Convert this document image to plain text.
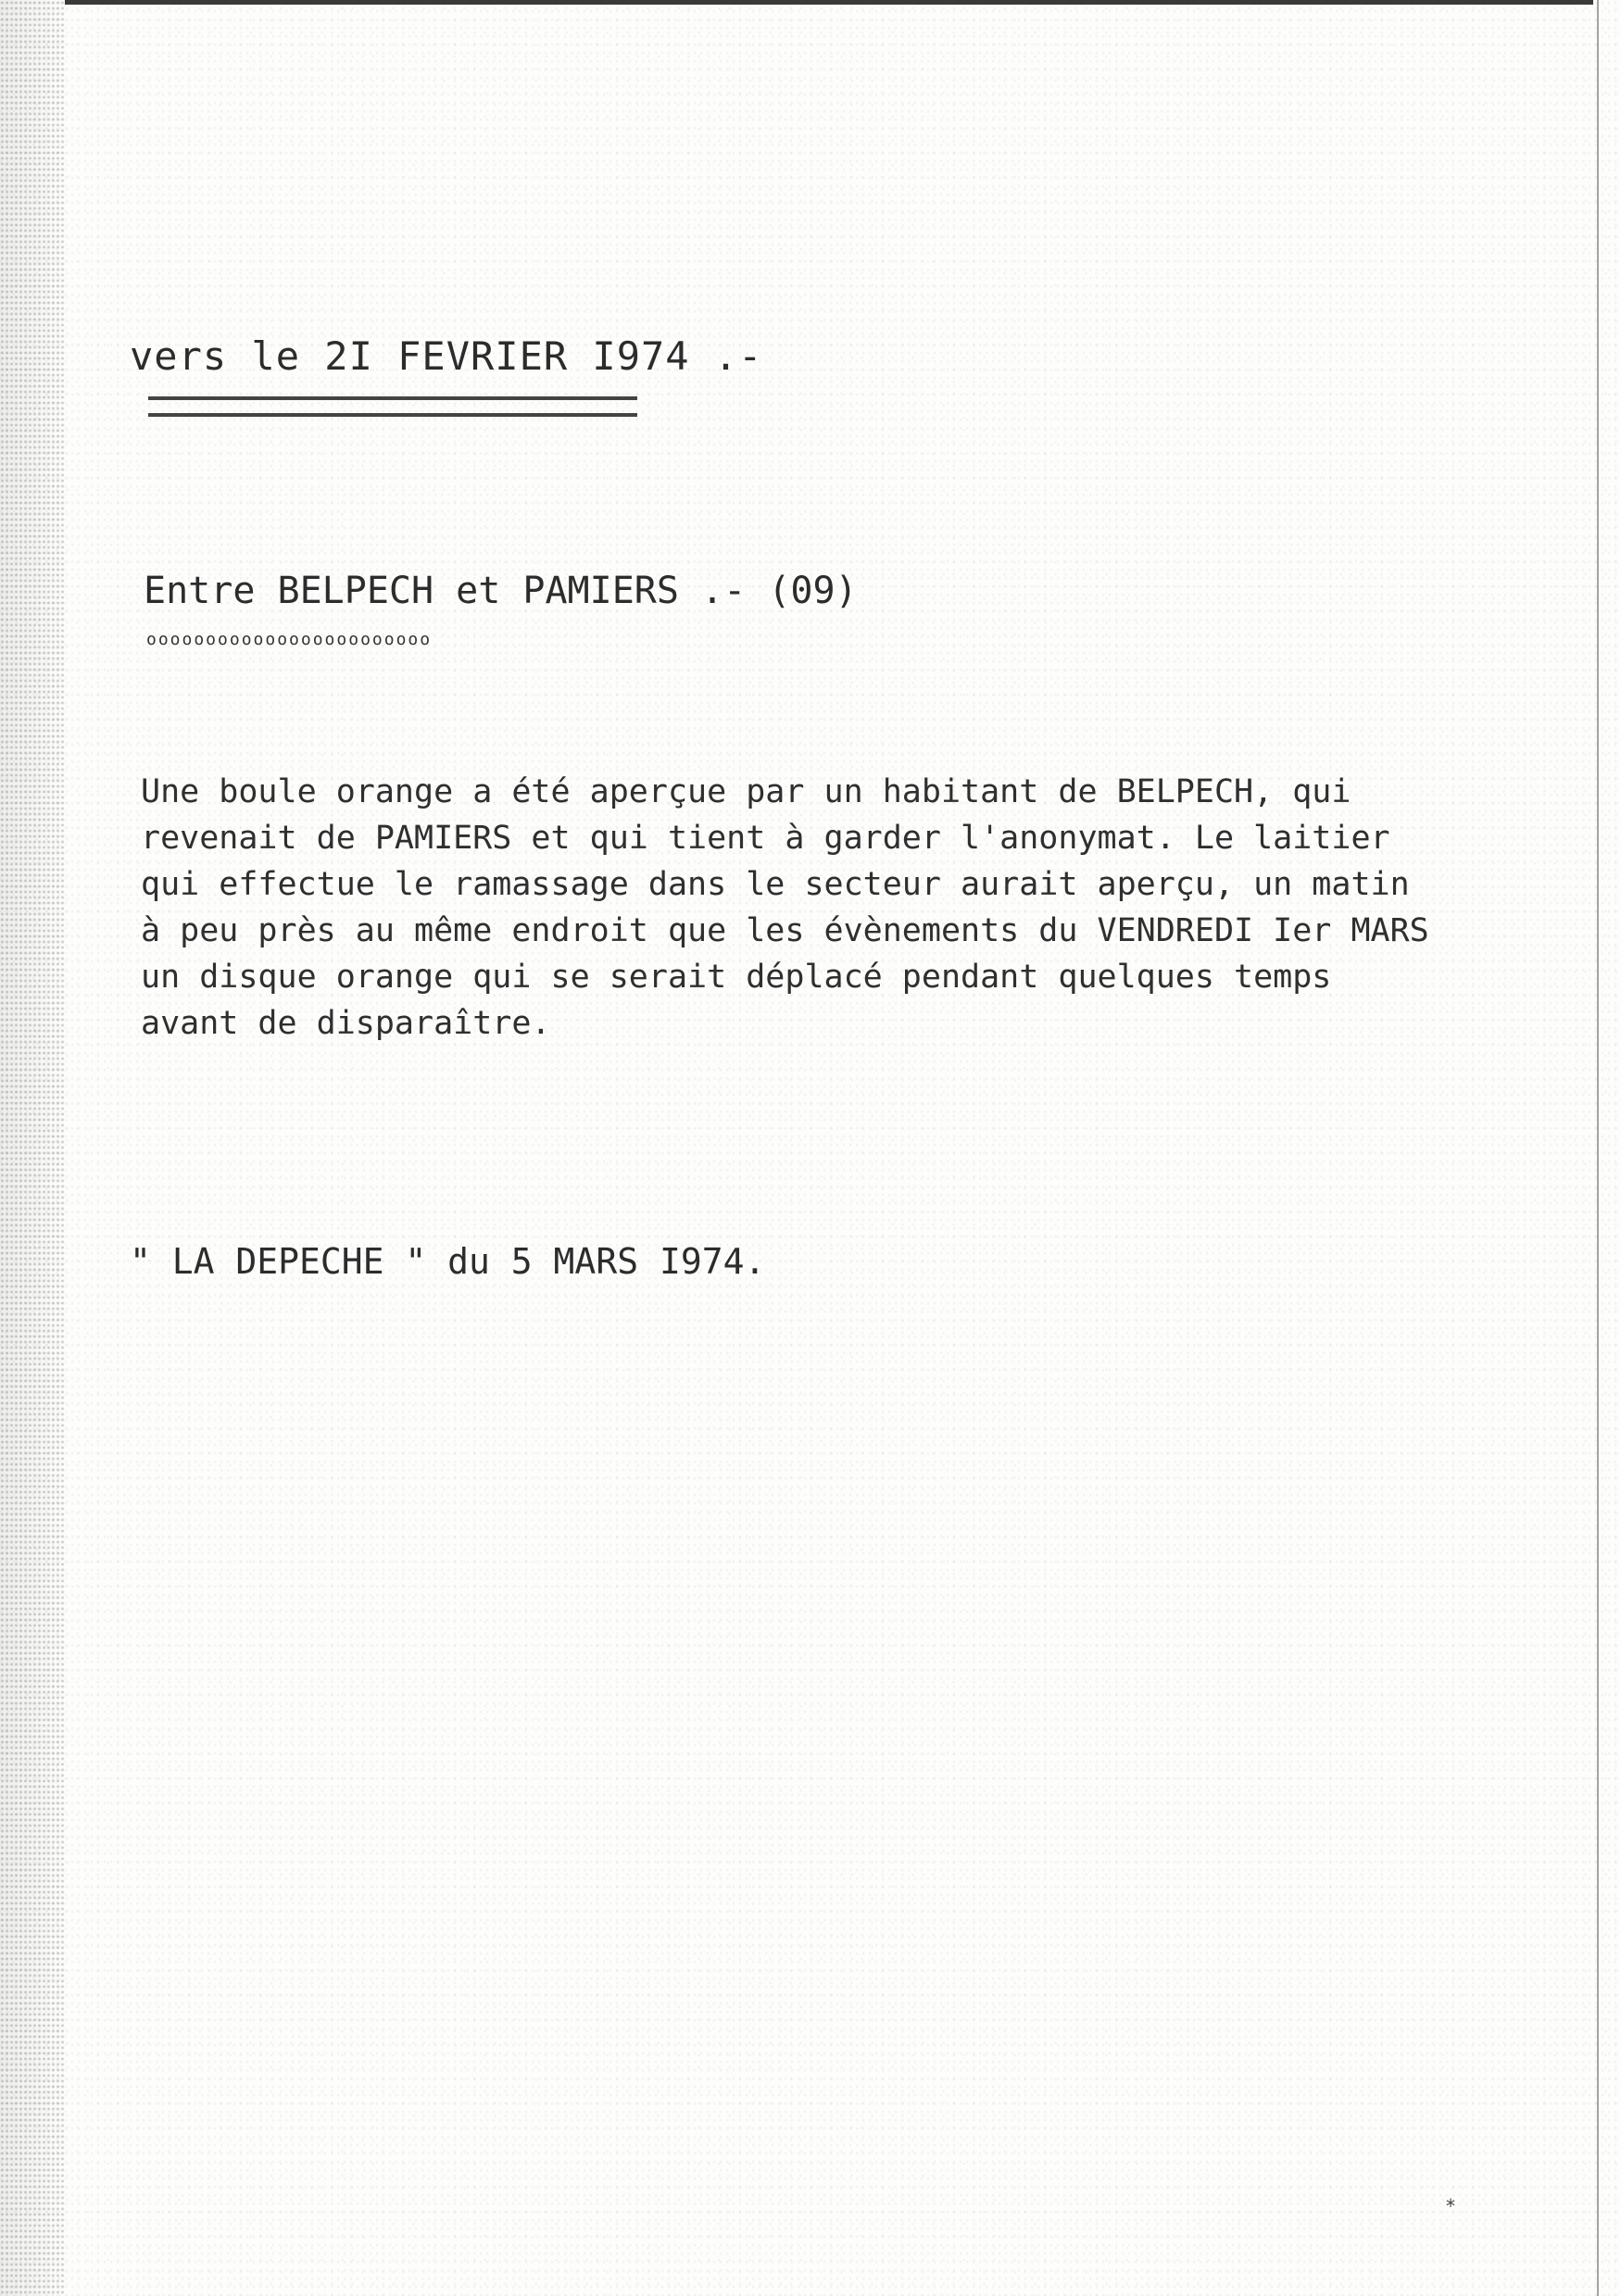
vers le 2I FEVRIER I974 .-
Entre BELPECH et PAMIERS .- (09)
oooooooooooooooooooooooo
Une boule orange a été aperçue par un habitant de BELPECH, qui
revenait de PAMIERS et qui tient à garder l'anonymat. Le laitier
qui effectue le ramassage dans le secteur aurait aperçu, un matin
à peu près au même endroit que les évènements du VENDREDI Ier MARS
un disque orange qui se serait déplacé pendant quelques temps
avant de disparaître.
" LA DEPECHE " du 5 MARS I974.
*
